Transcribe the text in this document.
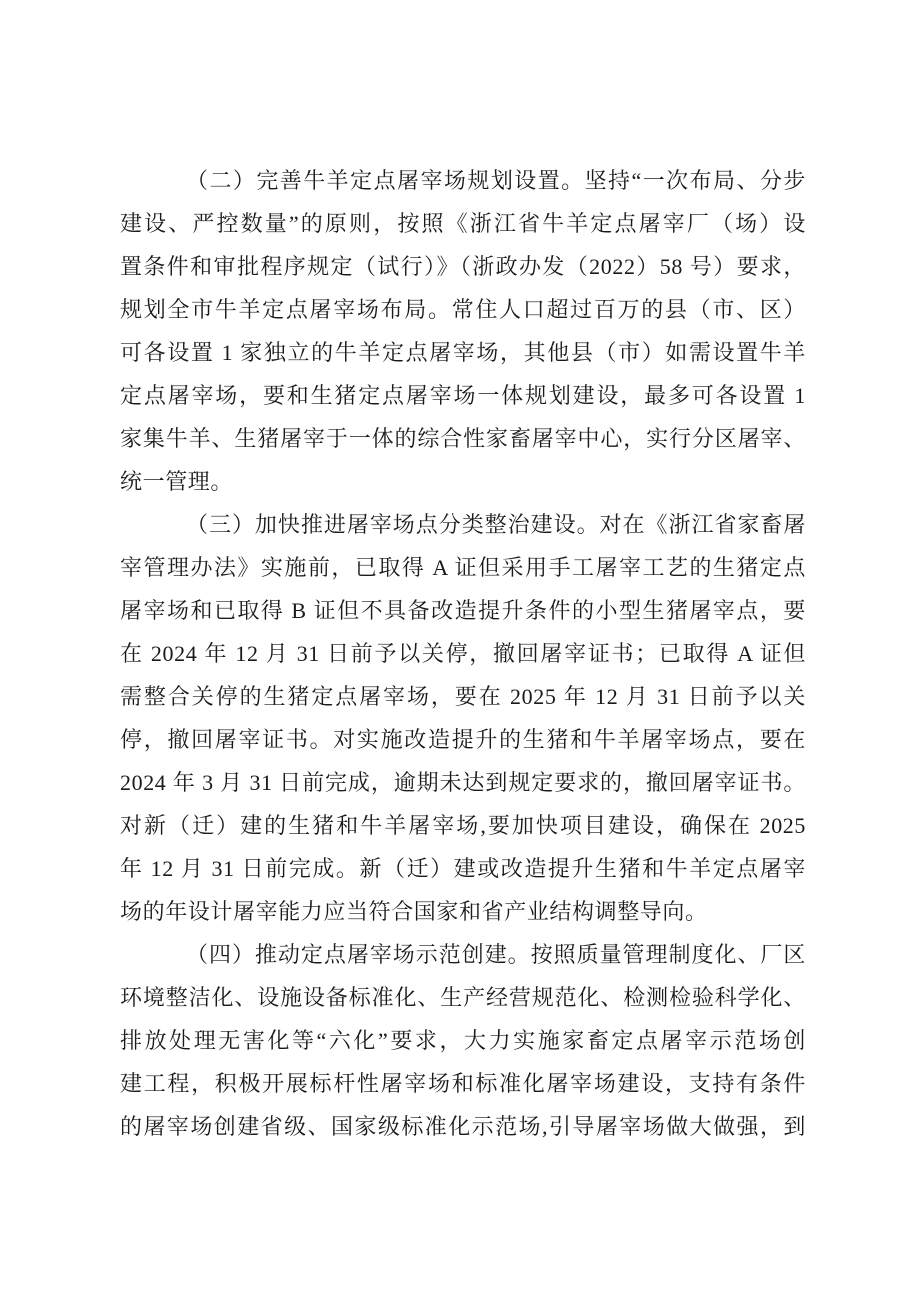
（二）完善牛羊定点屠宰场规划设置。坚持“一次布局、分步
建设、严控数量”的原则，按照《浙江省牛羊定点屠宰厂（场）设
置条件和审批程序规定（试行）》（浙政办发（2022）58 号）要求，
规划全市牛羊定点屠宰场布局。常住人口超过百万的县（市、区）
可各设置 1 家独立的牛羊定点屠宰场，其他县（市）如需设置牛羊
定点屠宰场，要和生猪定点屠宰场一体规划建设，最多可各设置 1
家集牛羊、生猪屠宰于一体的综合性家畜屠宰中心，实行分区屠宰、
统一管理。
（三）加快推进屠宰场点分类整治建设。对在《浙江省家畜屠
宰管理办法》实施前，已取得 A 证但采用手工屠宰工艺的生猪定点
屠宰场和已取得 B 证但不具备改造提升条件的小型生猪屠宰点，要
在 2024 年 12 月 31 日前予以关停，撤回屠宰证书；已取得 A 证但
需整合关停的生猪定点屠宰场，要在 2025 年 12 月 31 日前予以关
停，撤回屠宰证书。对实施改造提升的生猪和牛羊屠宰场点，要在
2024 年 3 月 31 日前完成，逾期未达到规定要求的，撤回屠宰证书。
对新（迁）建的生猪和牛羊屠宰场,要加快项目建设，确保在 2025
年 12 月 31 日前完成。新（迁）建或改造提升生猪和牛羊定点屠宰
场的年设计屠宰能力应当符合国家和省产业结构调整导向。
（四）推动定点屠宰场示范创建。按照质量管理制度化、厂区
环境整洁化、设施设备标准化、生产经营规范化、检测检验科学化、
排放处理无害化等“六化”要求，大力实施家畜定点屠宰示范场创
建工程，积极开展标杆性屠宰场和标准化屠宰场建设，支持有条件
的屠宰场创建省级、国家级标准化示范场,引导屠宰场做大做强，到
